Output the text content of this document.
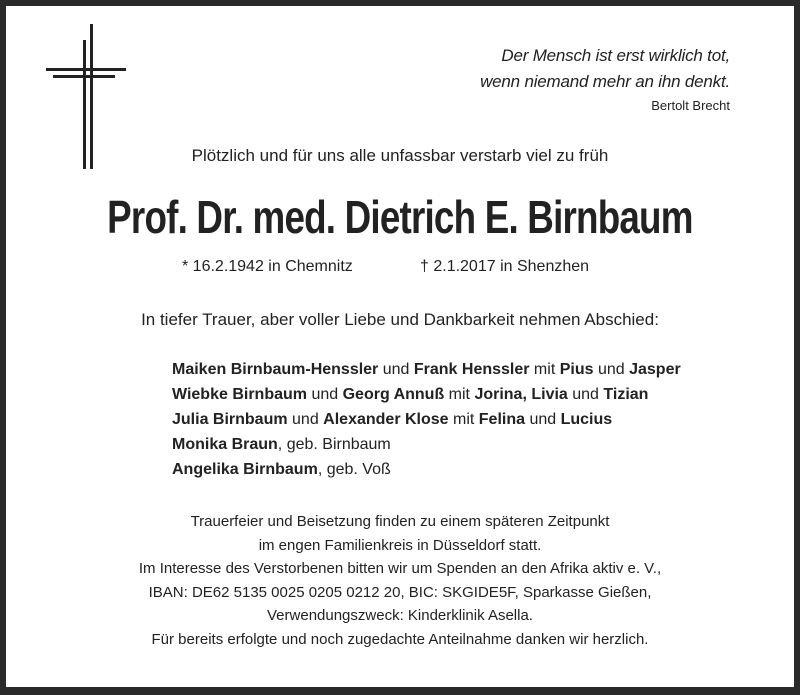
Der Mensch ist erst wirklich tot,
wenn niemand mehr an ihn denkt.
Bertolt Brecht
Plötzlich und für uns alle unfassbar verstarb viel zu früh
Prof. Dr. med. Dietrich E. Birnbaum
* 16.2.1942 in Chemnitz	† 2.1.2017 in Shenzhen
In tiefer Trauer, aber voller Liebe und Dankbarkeit nehmen Abschied:
Maiken Birnbaum-Henssler und Frank Henssler mit Pius und Jasper
Wiebke Birnbaum und Georg Annuß mit Jorina, Livia und Tizian
Julia Birnbaum und Alexander Klose mit Felina und Lucius
Monika Braun, geb. Birnbaum
Angelika Birnbaum, geb. Voß
Trauerfeier und Beisetzung finden zu einem späteren Zeitpunkt
im engen Familienkreis in Düsseldorf statt.
Im Interesse des Verstorbenen bitten wir um Spenden an den Afrika aktiv e. V.,
IBAN: DE62 5135 0025 0205 0212 20, BIC: SKGIDE5F, Sparkasse Gießen,
Verwendungszweck: Kinderklinik Asella.
Für bereits erfolgte und noch zugedachte Anteilnahme danken wir herzlich.
